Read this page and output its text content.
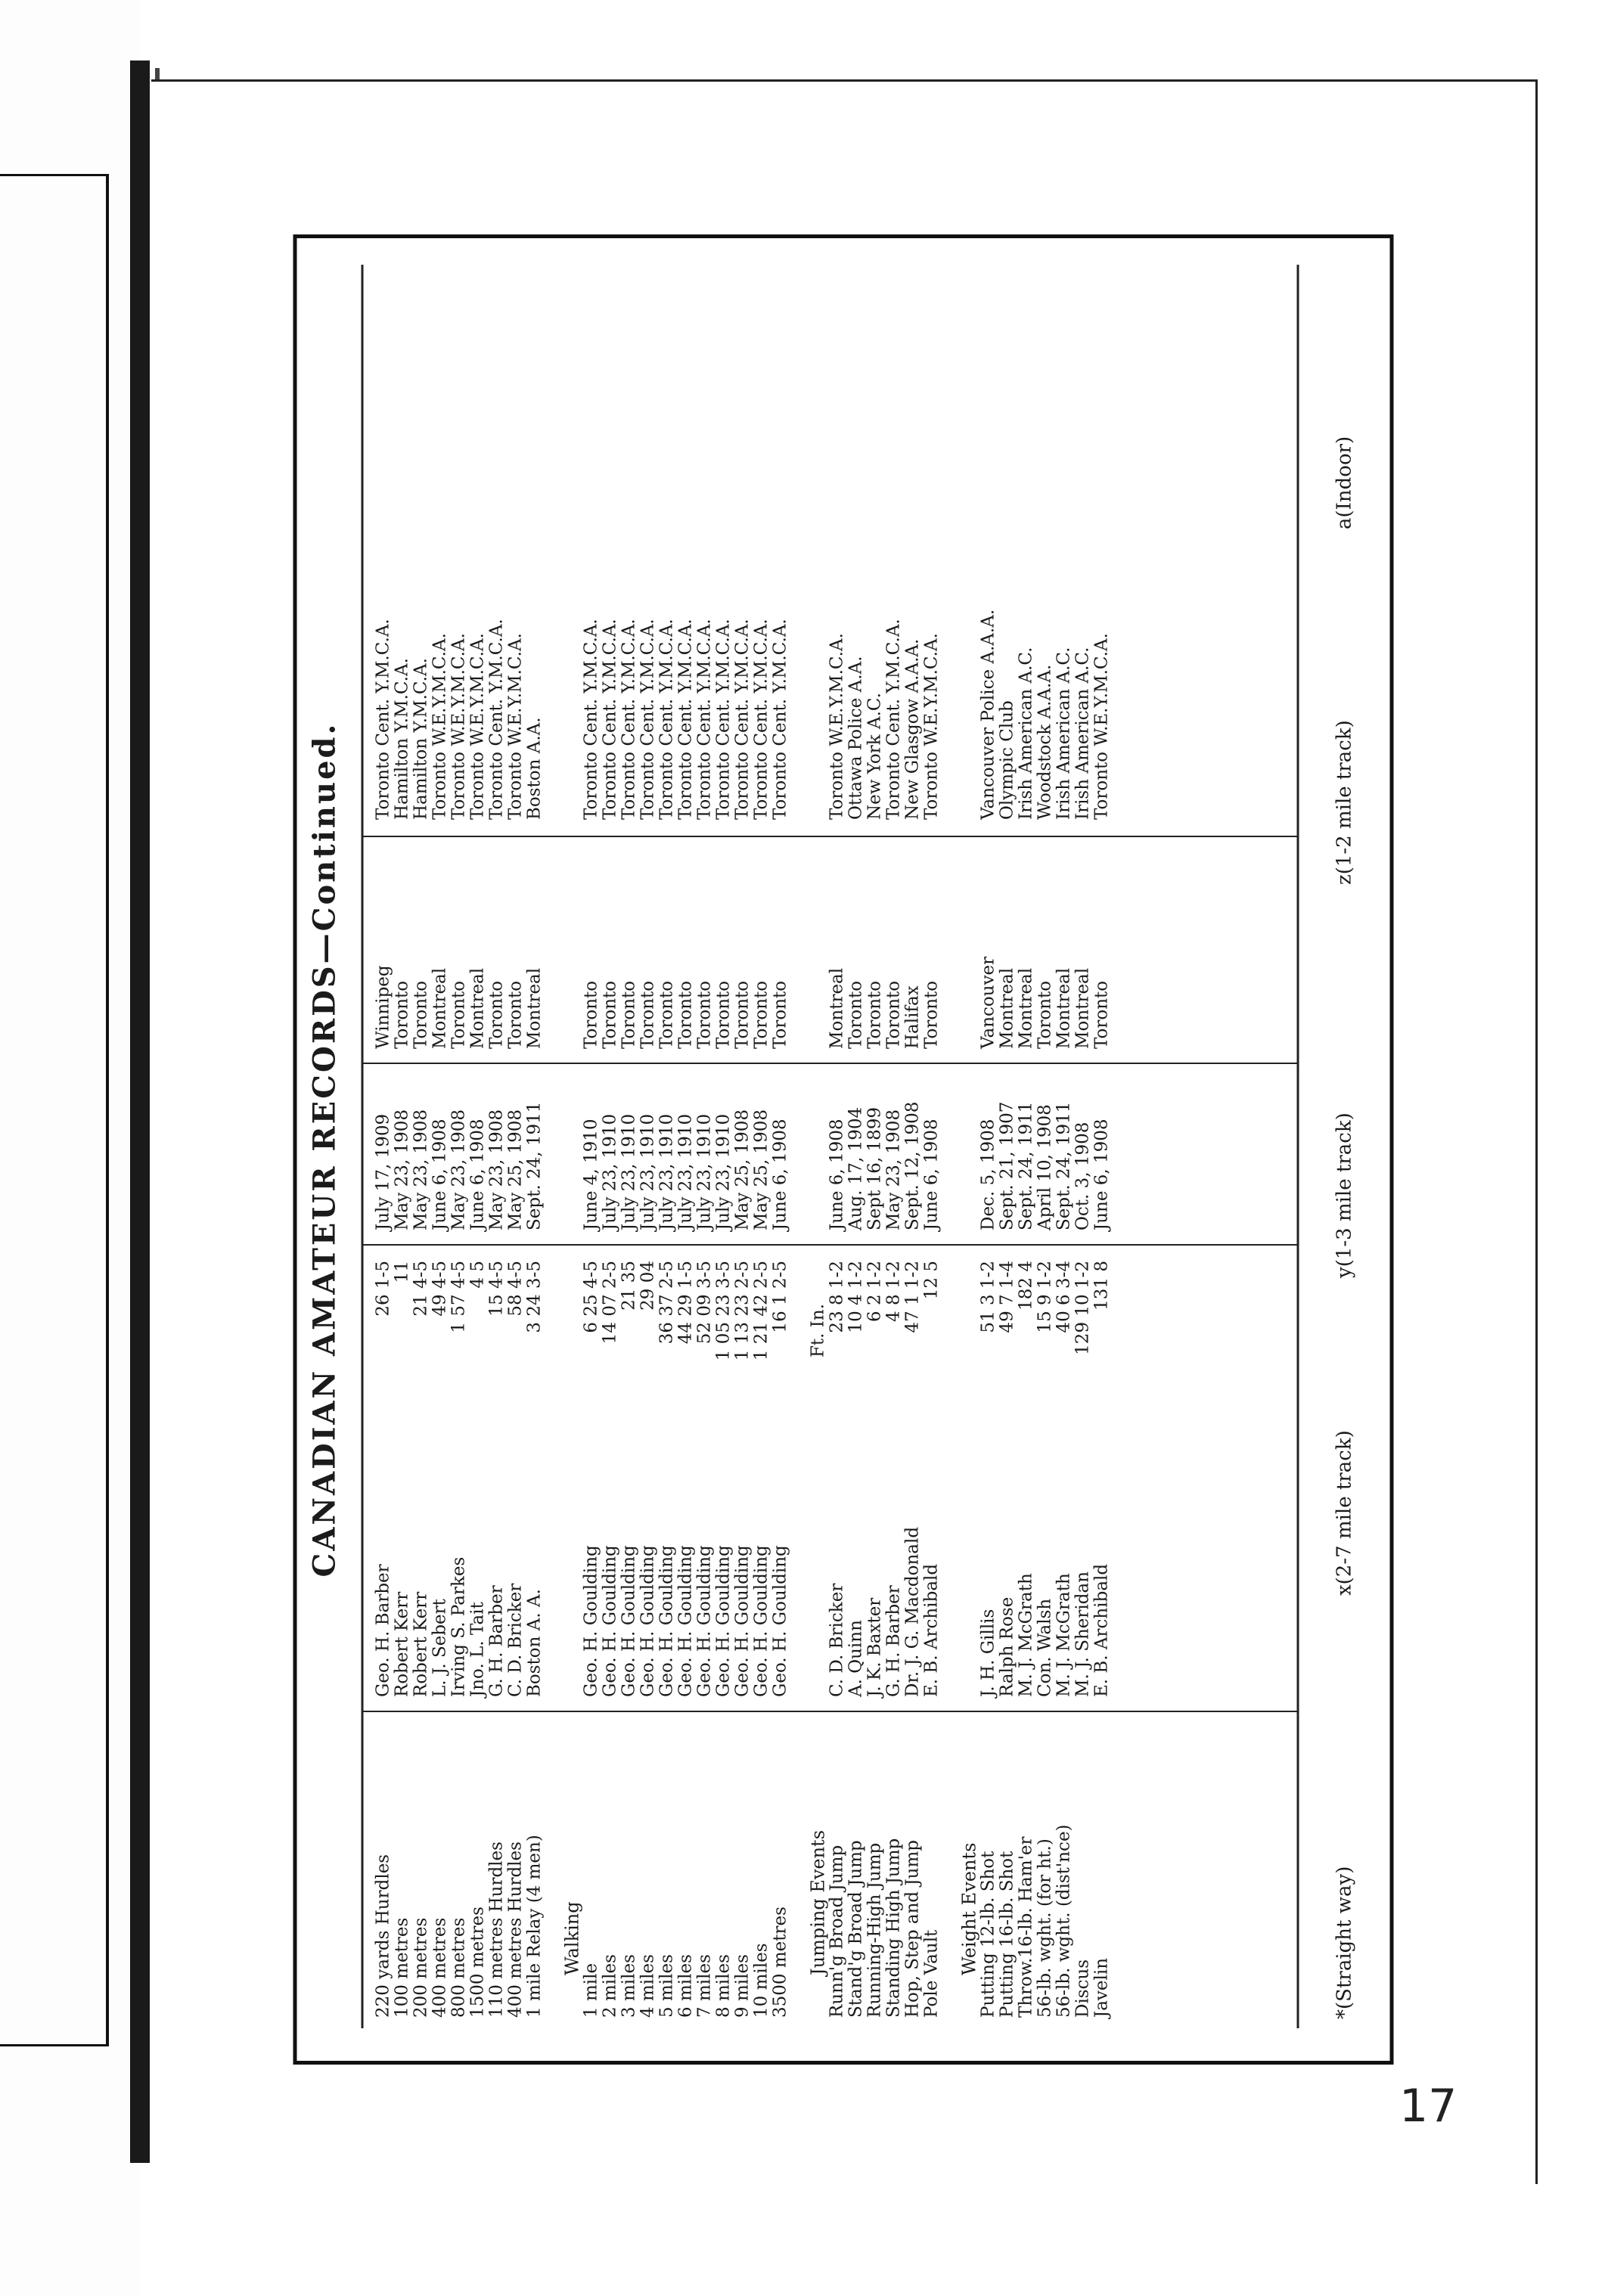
CANADIAN AMATEUR RECORDS—Continued.
220 yards Hurdles
Geo. H. Barber
26 1-5
July 17, 1909
Winnipeg
Toronto Cent. Y.M.C.A.
100 metres
Robert Kerr
11
May 23, 1908
Toronto
Hamilton Y.M.C.A.
200 metres
Robert Kerr
21 4-5
May 23, 1908
Toronto
Hamilton Y.M.C.A.
400 metres
L. J. Sebert
49 4-5
June 6, 1908
Montreal
Toronto W.E.Y.M.C.A.
800 metres
Irving S. Parkes
1 57 4-5
May 23, 1908
Toronto
Toronto W.E.Y.M.C.A.
1500 metres
Jno. L. Tait
4 5
June 6, 1908
Montreal
Toronto W.E.Y.M.C.A.
110 metres Hurdles
G. H. Barber
15 4-5
May 23, 1908
Toronto
Toronto Cent. Y.M.C.A.
400 metres Hurdles
C. D. Bricker
58 4-5
May 25, 1908
Toronto
Toronto W.E.Y.M.C.A.
1 mile Relay (4 men)
Boston A. A.
3 24 3-5
Sept. 24, 1911
Montreal
Boston A.A.
Walking
1 mile
Geo. H. Goulding
6 25 4-5
June 4, 1910
Toronto
Toronto Cent. Y.M.C.A.
2 miles
Geo. H. Goulding
14 07 2-5
July 23, 1910
Toronto
Toronto Cent. Y.M.C.A.
3 miles
Geo. H. Goulding
21 35
July 23, 1910
Toronto
Toronto Cent. Y.M.C.A.
4 miles
Geo. H. Goulding
29 04
July 23, 1910
Toronto
Toronto Cent. Y.M.C.A.
5 miles
Geo. H. Goulding
36 37 2-5
July 23, 1910
Toronto
Toronto Cent. Y.M.C.A.
6 miles
Geo. H. Goulding
44 29 1-5
July 23, 1910
Toronto
Toronto Cent. Y.M.C.A.
7 miles
Geo. H. Goulding
52 09 3-5
July 23, 1910
Toronto
Toronto Cent. Y.M.C.A.
8 miles
Geo. H. Goulding
1 05 23 3-5
July 23, 1910
Toronto
Toronto Cent. Y.M.C.A.
9 miles
Geo. H. Goulding
1 13 23 2-5
May 25, 1908
Toronto
Toronto Cent. Y.M.C.A.
10 miles
Geo. H. Goulding
1 21 42 2-5
May 25, 1908
Toronto
Toronto Cent. Y.M.C.A.
3500 metres
Geo. H. Goulding
16 1 2-5
June 6, 1908
Toronto
Toronto Cent. Y.M.C.A.
Jumping Events
Ft. In.
Runn'g Broad Jump
C. D. Bricker
23 8 1-2
June 6, 1908
Montreal
Toronto W.E.Y.M.C.A.
Stand'g Broad Jump
A. Quinn
10 4 1-2
Aug. 17, 1904
Toronto
Ottawa Police A.A.
Running-High Jump
J. K. Baxter
6 2 1-2
Sept 16, 1899
Toronto
New York A.C.
Standing High Jump
G. H. Barber
4 8 1-2
May 23, 1908
Toronto
Toronto Cent. Y.M.C.A.
Hop, Step and Jump
Dr. J. G. Macdonald
47 1 1-2
Sept. 12, 1908
Halifax
New Glasgow A.A.A.
Pole Vault
E. B. Archibald
12 5
June 6, 1908
Toronto
Toronto W.E.Y.M.C.A.
Weight Events
Putting 12-lb. Shot
J. H. Gillis
51 3 1-2
Dec. 5, 1908
Vancouver
Vancouver Police A.A.A.
Putting 16-lb. Shot
Ralph Rose
49 7 1-4
Sept. 21, 1907
Montreal
Olympic Club
Throw.16-lb. Ham'er
M. J. McGrath
182 4
Sept. 24, 1911
Montreal
Irish American A.C.
56-lb. wght. (for ht.)
Con. Walsh
15 9 1-2
April 10, 1908
Toronto
Woodstock A.A.A.
56-lb. wght. (dist'nce)
M. J. McGrath
40 6 3-4
Sept. 24, 1911
Montreal
Irish American A.C.
Discus
M. J. Sheridan
129 10 1-2
Oct. 3, 1908
Montreal
Irish American A.C.
Javelin
E. B. Archibald
131 8
June 6, 1908
Toronto
Toronto W.E.Y.M.C.A.
*(Straight way)
x(2-7 mile track)
y(1-3 mile track)
z(1-2 mile track)
a(Indoor)
17
